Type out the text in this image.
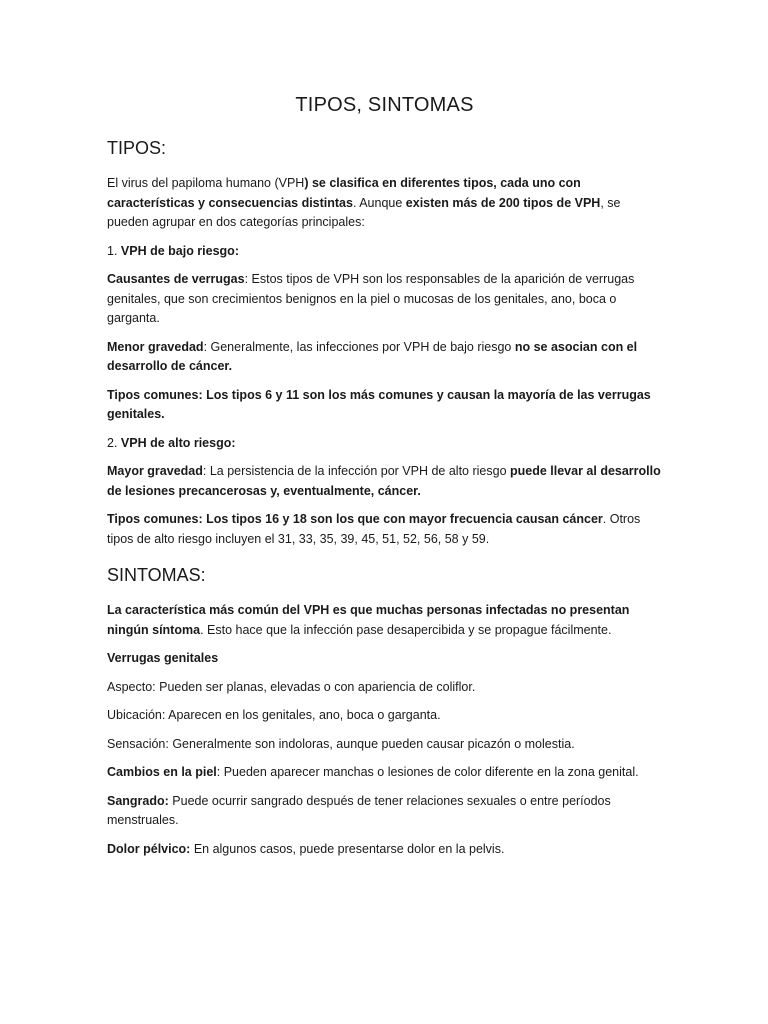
TIPOS, SINTOMAS
TIPOS:

El virus del papiloma humano (VPH) se clasifica en diferentes tipos, cada uno con características y consecuencias distintas. Aunque existen más de 200 tipos de VPH, se pueden agrupar en dos categorías principales:

1. VPH de bajo riesgo:

Causantes de verrugas: Estos tipos de VPH son los responsables de la aparición de verrugas genitales, que son crecimientos benignos en la piel o mucosas de los genitales, ano, boca o garganta.

Menor gravedad: Generalmente, las infecciones por VPH de bajo riesgo no se asocian con el desarrollo de cáncer.

Tipos comunes: Los tipos 6 y 11 son los más comunes y causan la mayoría de las verrugas genitales.

2. VPH de alto riesgo:

Mayor gravedad: La persistencia de la infección por VPH de alto riesgo puede llevar al desarrollo de lesiones precancerosas y, eventualmente, cáncer.

Tipos comunes: Los tipos 16 y 18 son los que con mayor frecuencia causan cáncer. Otros tipos de alto riesgo incluyen el 31, 33, 35, 39, 45, 51, 52, 56, 58 y 59.

SINTOMAS:

La característica más común del VPH es que muchas personas infectadas no presentan ningún síntoma. Esto hace que la infección pase desapercibida y se propague fácilmente.

Verrugas genitales

Aspecto: Pueden ser planas, elevadas o con apariencia de coliflor.

Ubicación: Aparecen en los genitales, ano, boca o garganta.

Sensación: Generalmente son indoloras, aunque pueden causar picazón o molestia.

Cambios en la piel: Pueden aparecer manchas o lesiones de color diferente en la zona genital.

Sangrado: Puede ocurrir sangrado después de tener relaciones sexuales o entre períodos menstruales.

Dolor pélvico: En algunos casos, puede presentarse dolor en la pelvis.
